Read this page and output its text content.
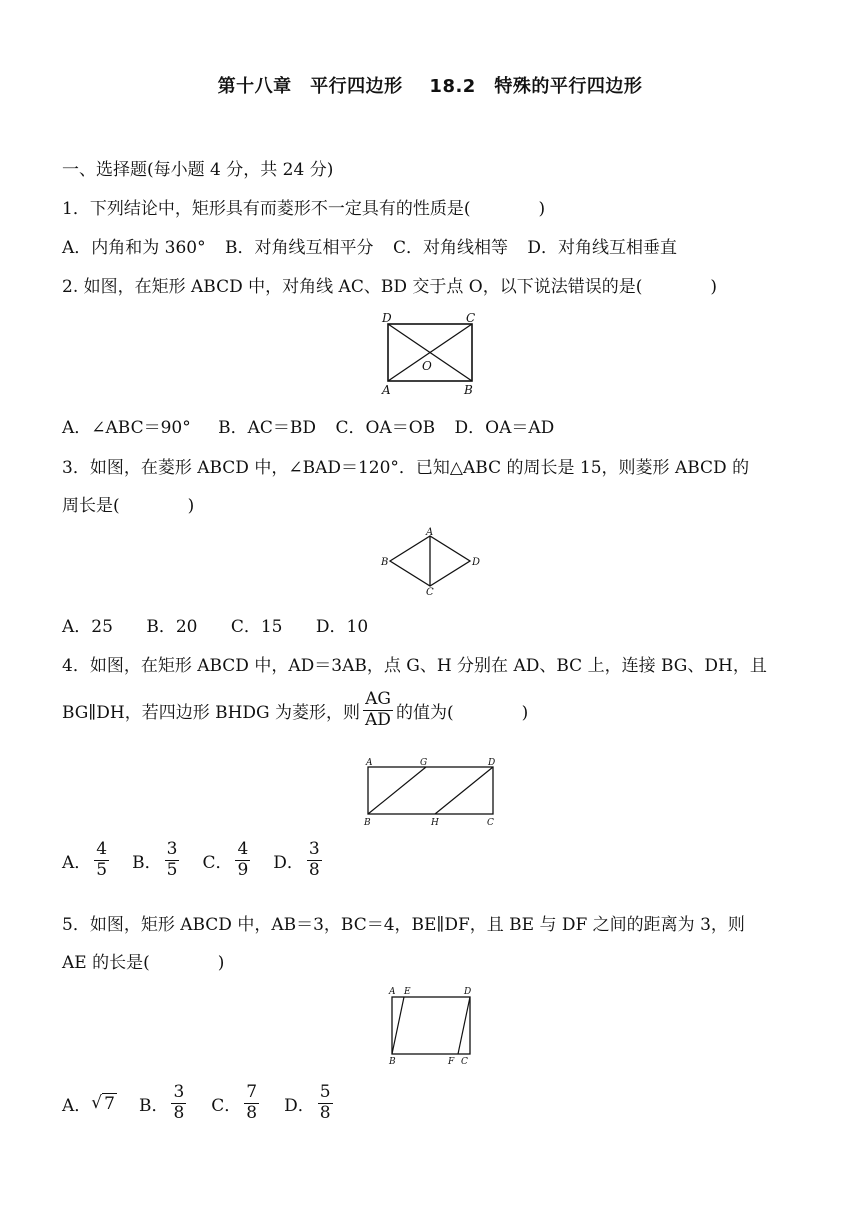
第十八章　平行四边形 18.2　特殊的平行四边形
一、选择题(每小题 4 分，共 24 分)
1．下列结论中，矩形具有而菱形不一定具有的性质是(　　　　)
A．内角和为 360° B．对角线互相平分 C．对角线相等 D．对角线互相垂直
2. 如图，在矩形 ABCD 中，对角线 AC、BD 交于点 O，以下说法错误的是(　　　　)
D	C
O
A	B
A．∠ABC＝90° B．AC＝BD C．OA＝OB D．OA＝AD
3．如图，在菱形 ABCD 中，∠BAD＝120°．已知△ABC 的周长是 15，则菱形 ABCD 的
周长是(　　　　)
A
B	D
C
A．25 B．20 C．15 D．10
4．如图，在矩形 ABCD 中，AD＝3AB，点 G、H 分别在 AD、BC 上，连接 BG、DH，且
BG∥DH，若四边形 BHDG 为菱形，则 $\frac{AG}{AD}$ 的值为(　　　　)
A	G	D
B	H	C
A． $\frac{4}{5}$ B． $\frac{3}{5}$ C． $\frac{4}{9}$ D． $\frac{3}{8}$
5．如图，矩形 ABCD 中，AB＝3，BC＝4，BE∥DF，且 BE 与 DF 之间的距离为 3，则
AE 的长是(　　　　)
A E	D
B	F C
A． √ 7 B． $\frac{3}{8}$ C． $\frac{7}{8}$ D． $\frac{5}{8}$
